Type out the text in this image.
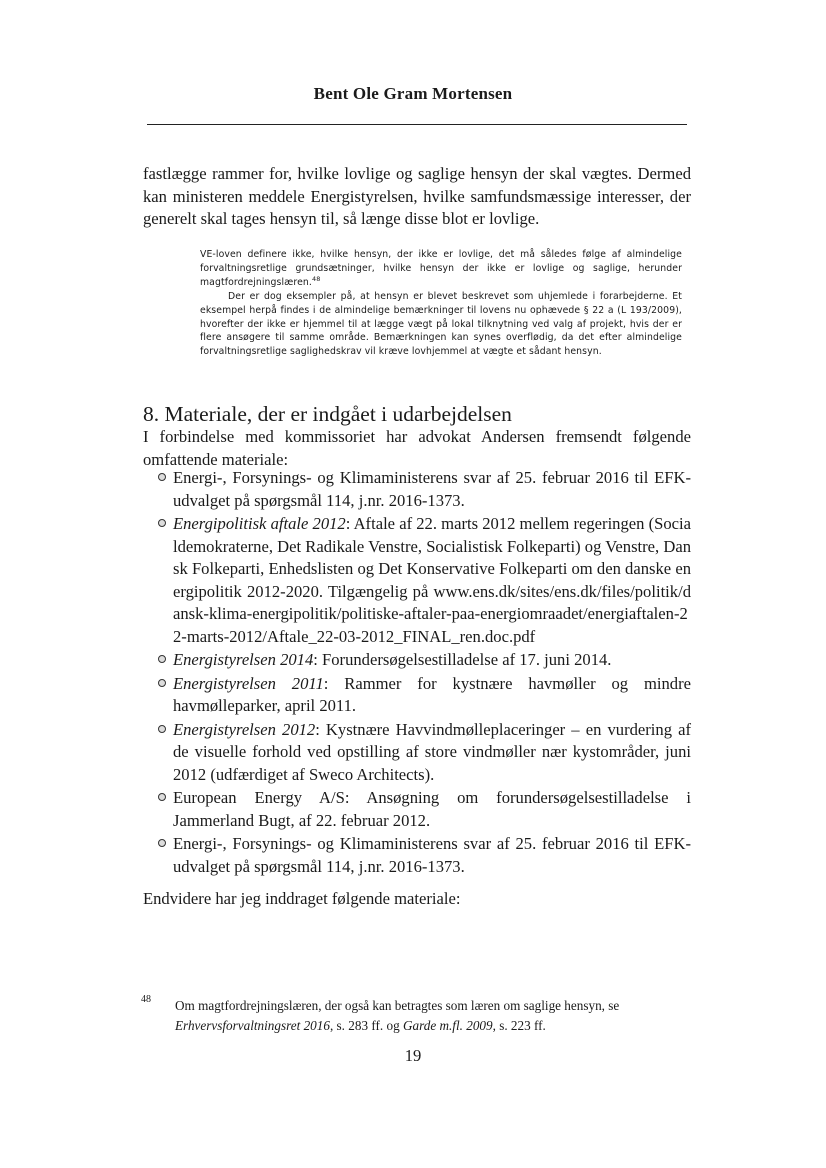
Bent Ole Gram Mortensen
fastlægge rammer for, hvilke lovlige og saglige hensyn der skal vægtes. Dermed kan ministeren meddele Energistyrelsen, hvilke samfundsmæssige interesser, der generelt skal tages hensyn til, så længe disse blot er lovlige.

VE-loven definere ikke, hvilke hensyn, der ikke er lovlige, det må således følge af almindelige forvaltningsretlige grundsætninger, hvilke hensyn der ikke er lovlige og saglige, herunder magtfordrejningslæren.$^{48}$

Der er dog eksempler på, at hensyn er blevet beskrevet som uhjemlede i forarbejderne. Et eksempel herpå findes i de almindelige bemærkninger til lovens nu ophævede § 22 a (L 193/2009), hvorefter der ikke er hjemmel til at lægge vægt på lokal tilknytning ved valg af projekt, hvis der er flere ansøgere til samme område. Bemærkningen kan synes overflødig, da det efter almindelige forvaltningsretlige saglighedskrav vil kræve lovhjemmel at vægte et sådant hensyn.

8. Materiale, der er indgået i udarbejdelsen
I forbindelse med kommissoriet har advokat Andersen fremsendt følgende omfattende materiale:
Energi-, Forsynings- og Klimaministerens svar af 25. februar 2016 til EFK-udvalget på spørgsmål 114, j.nr. 2016-1373.
Energipolitisk aftale 2012: Aftale af 22. marts 2012 mellem regeringen (Socialdemokraterne, Det Radikale Venstre, Socialistisk Folkeparti) og Venstre, Dansk Folkeparti, Enhedslisten og Det Konservative Folkeparti om den danske energipolitik 2012-2020. Tilgængelig på www.ens.dk/sites/ens.dk/files/politik/dansk-klima-energipolitik/politiske-aftaler-paa-energiomraadet/energiaftalen-22-marts-2012/Aftale_22-03-2012_FINAL_ren.doc.pdf
Energistyrelsen 2014: Forundersøgelsestilladelse af 17. juni 2014.
Energistyrelsen 2011: Rammer for kystnære havmøller og mindre havmølleparker, april 2011.
Energistyrelsen 2012: Kystnære Havvindmølleplaceringer – en vurdering af de visuelle forhold ved opstilling af store vindmøller nær kystområder, juni 2012 (udfærdiget af Sweco Architects).
European Energy A/S: Ansøgning om forundersøgelsestilladelse i Jammerland Bugt, af 22. februar 2012.
Energi-, Forsynings- og Klimaministerens svar af 25. februar 2016 til EFK-udvalget på spørgsmål 114, j.nr. 2016-1373.
Endvidere har jeg inddraget følgende materiale:
48	Om magtfordrejningslæren, der også kan betragtes som læren om saglige hensyn, se Erhvervsforvaltningsret 2016, s. 283 ff. og Garde m.fl. 2009, s. 223 ff.
19
